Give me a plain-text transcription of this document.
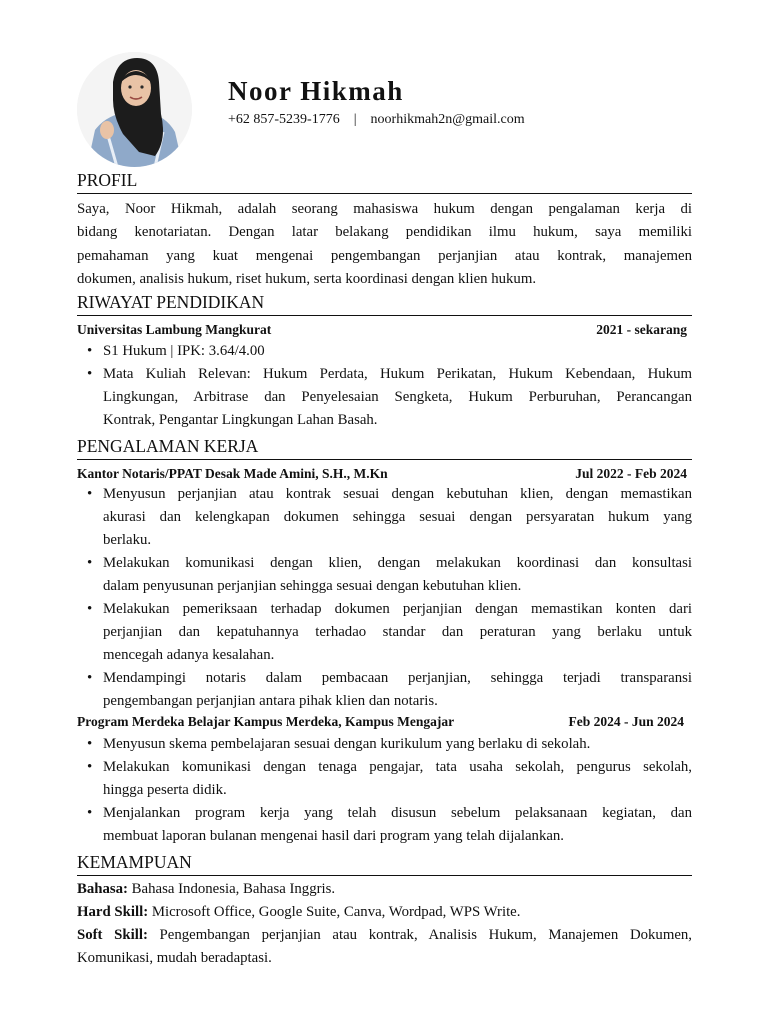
Noor Hikmah
+62 857-5239-1776 | noorhikmah2n@gmail.com
PROFIL
Saya, Noor Hikmah, adalah seorang mahasiswa hukum dengan pengalaman kerja di
bidang kenotariatan. Dengan latar belakang pendidikan ilmu hukum, saya memiliki
pemahaman yang kuat mengenai pengembangan perjanjian atau kontrak, manajemen
dokumen, analisis hukum, riset hukum, serta koordinasi dengan klien hukum.
RIWAYAT PENDIDIKAN
Universitas Lambung Mangkurat	2021 - sekarang
• S1 Hukum | IPK: 3.64/4.00
• Mata Kuliah Relevan: Hukum Perdata, Hukum Perikatan, Hukum Kebendaan, Hukum
Lingkungan, Arbitrase dan Penyelesaian Sengketa, Hukum Perburuhan, Perancangan
Kontrak, Pengantar Lingkungan Lahan Basah.
PENGALAMAN KERJA
Kantor Notaris/PPAT Desak Made Amini, S.H., M.Kn	Jul 2022 - Feb 2024
• Menyusun perjanjian atau kontrak sesuai dengan kebutuhan klien, dengan memastikan
akurasi dan kelengkapan dokumen sehingga sesuai dengan persyaratan hukum yang
berlaku.
• Melakukan komunikasi dengan klien, dengan melakukan koordinasi dan konsultasi
dalam penyusunan perjanjian sehingga sesuai dengan kebutuhan klien.
• Melakukan pemeriksaan terhadap dokumen perjanjian dengan memastikan konten dari
perjanjian dan kepatuhannya terhadao standar dan peraturan yang berlaku untuk
mencegah adanya kesalahan.
• Mendampingi notaris dalam pembacaan perjanjian, sehingga terjadi transparansi
pengembangan perjanjian antara pihak klien dan notaris.
Program Merdeka Belajar Kampus Merdeka, Kampus Mengajar	Feb 2024 - Jun 2024
• Menyusun skema pembelajaran sesuai dengan kurikulum yang berlaku di sekolah.
• Melakukan komunikasi dengan tenaga pengajar, tata usaha sekolah, pengurus sekolah,
hingga peserta didik.
• Menjalankan program kerja yang telah disusun sebelum pelaksanaan kegiatan, dan
membuat laporan bulanan mengenai hasil dari program yang telah dijalankan.
KEMAMPUAN
Bahasa: Bahasa Indonesia, Bahasa Inggris.
Hard Skill: Microsoft Office, Google Suite, Canva, Wordpad, WPS Write.
Soft Skill: Pengembangan perjanjian atau kontrak, Analisis Hukum, Manajemen Dokumen,
Komunikasi, mudah beradaptasi.
